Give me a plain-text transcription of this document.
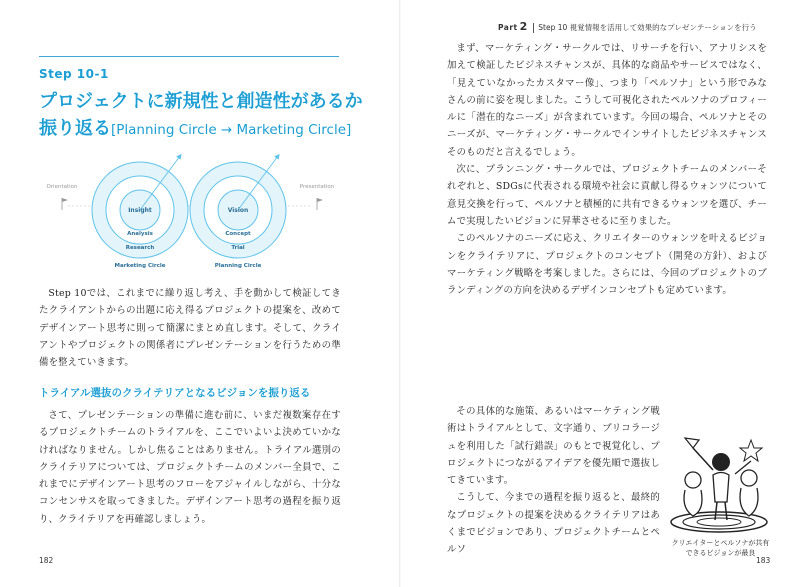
Step 10-1
プロジェクトに新規性と創造性があるか
振り返る[Planning Circle → Marketing Circle]
Orientation	Presentation
Insight
Analysis
Research
Marketing Circle
Vision
Concept
Trial
Planning Circle

Step 10では、これまでに繰り返し考え、手を動かして検証してきたクライアントからの出題に応え得るプロジェクトの提案を、改めてデザインアート思考に則って簡潔にまとめ直します。そして、クライアントやプロジェクトの関係者にプレゼンテーションを行うための準備を整えていきます。

トライアル選抜のクライテリアとなるビジョンを振り返る

さて、プレゼンテーションの準備に進む前に、いまだ複数案存在するプロジェクトチームのトライアルを、ここでいよいよ決めていかなければなりません。しかし焦ることはありません。トライアル選別のクライテリアについては、プロジェクトチームのメンバー全員で、これまでにデザインアート思考のフローをアジャイルしながら、十分なコンセンサスを取ってきました。デザインアート思考の過程を振り返り、クライテリアを再確認しましょう。

182
Part 2 Step 10 視覚情報を活用して効果的なプレゼンテーションを行う

まず、マーケティング・サークルでは、リサーチを行い、アナリシスを加えて検証したビジネスチャンスが、具体的な商品やサービスではなく、「見えていなかったカスタマー像」、つまり「ペルソナ」という形でみなさんの前に姿を現しました。こうして可視化されたペルソナのプロフィールに「潜在的なニーズ」が含まれています。今回の場合、ペルソナとそのニーズが、マーケティング・サークルでインサイトしたビジネスチャンスそのものだと言えるでしょう。

次に、プランニング・サークルでは、プロジェクトチームのメンバーそれぞれと、SDGsに代表される環境や社会に貢献し得るウォンツについて意見交換を行って、ペルソナと積極的に共有できるウォンツを選び、チームで実現したいビジョンに昇華させるに至りました。

このペルソナのニーズに応え、クリエイターのウォンツを叶えるビジョンをクライテリアに、プロジェクトのコンセプト（開発の方針）、およびマーケティング戦略を考案しました。さらには、今回のプロジェクトのブランディングの方向を決めるデザインコンセプトも定めています。

その具体的な施策、あるいはマーケティング戦術はトライアルとして、文字通り、ブリコラージュを利用した「試行錯誤」のもとで視覚化し、プロジェクトにつながるアイデアを優先順で選抜してきています。

こうして、今までの過程を振り返ると、最終的なプロジェクトの提案を決めるクライテリアはあくまでビジョンであり、プロジェクトチームとペルソ

クリエイターとペルソナが共有
できるビジョンが最良
183
